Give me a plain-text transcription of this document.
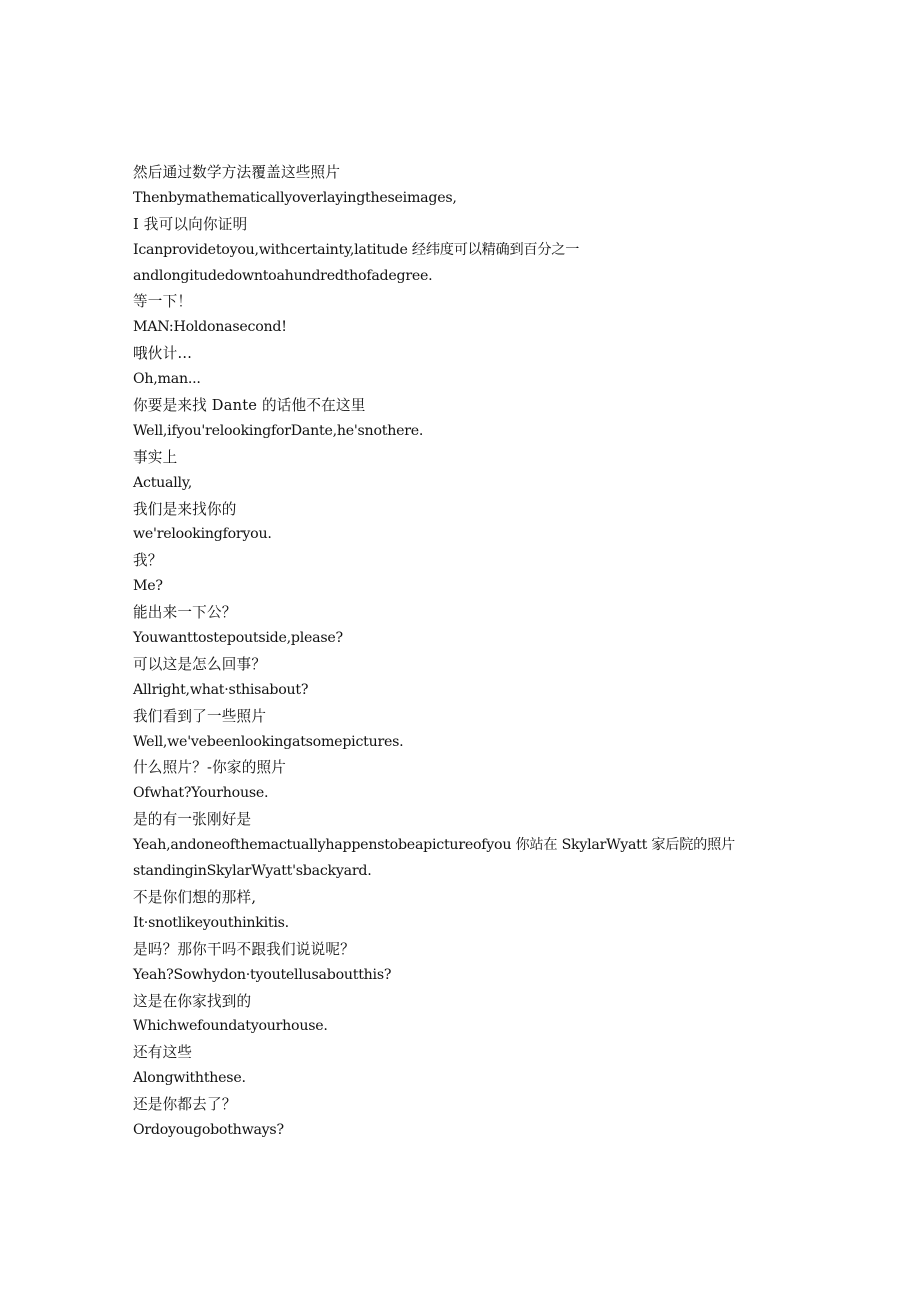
然后通过数学方法覆盖这些照片
Thenbymathematicallyoverlayingtheseimages,
I 我可以向你证明
Icanprovidetoyou,withcertainty,latitude 经纬度可以精确到百分之一
andlongitudedowntoahundredthofadegree.
等一下！
MAN:Holdonasecond!
哦伙计…
Oh,man...
你要是来找 Dante 的话他不在这里
Well,ifyou'relookingforDante,he'snothere.
事实上
Actually,
我们是来找你的
we'relookingforyou.
我？
Me?
能出来一下公？
Youwanttostepoutside,please?
可以这是怎么回事？
Allright,what·sthisabout?
我们看到了一些照片
Well,we'vebeenlookingatsomepictures.
什么照片？-你家的照片
Ofwhat?Yourhouse.
是的有一张刚好是
Yeah,andoneofthemactuallyhappenstobeapictureofyou 你站在 SkylarWyatt 家后院的照片
standinginSkylarWyatt'sbackyard.
不是你们想的那样,
It·snotlikeyouthinkitis.
是吗？那你干吗不跟我们说说呢？
Yeah?Sowhydon·tyoutellusaboutthis?
这是在你家找到的
Whichwefoundatyourhouse.
还有这些
Alongwiththese.
还是你都去了？
Ordoyougobothways?
